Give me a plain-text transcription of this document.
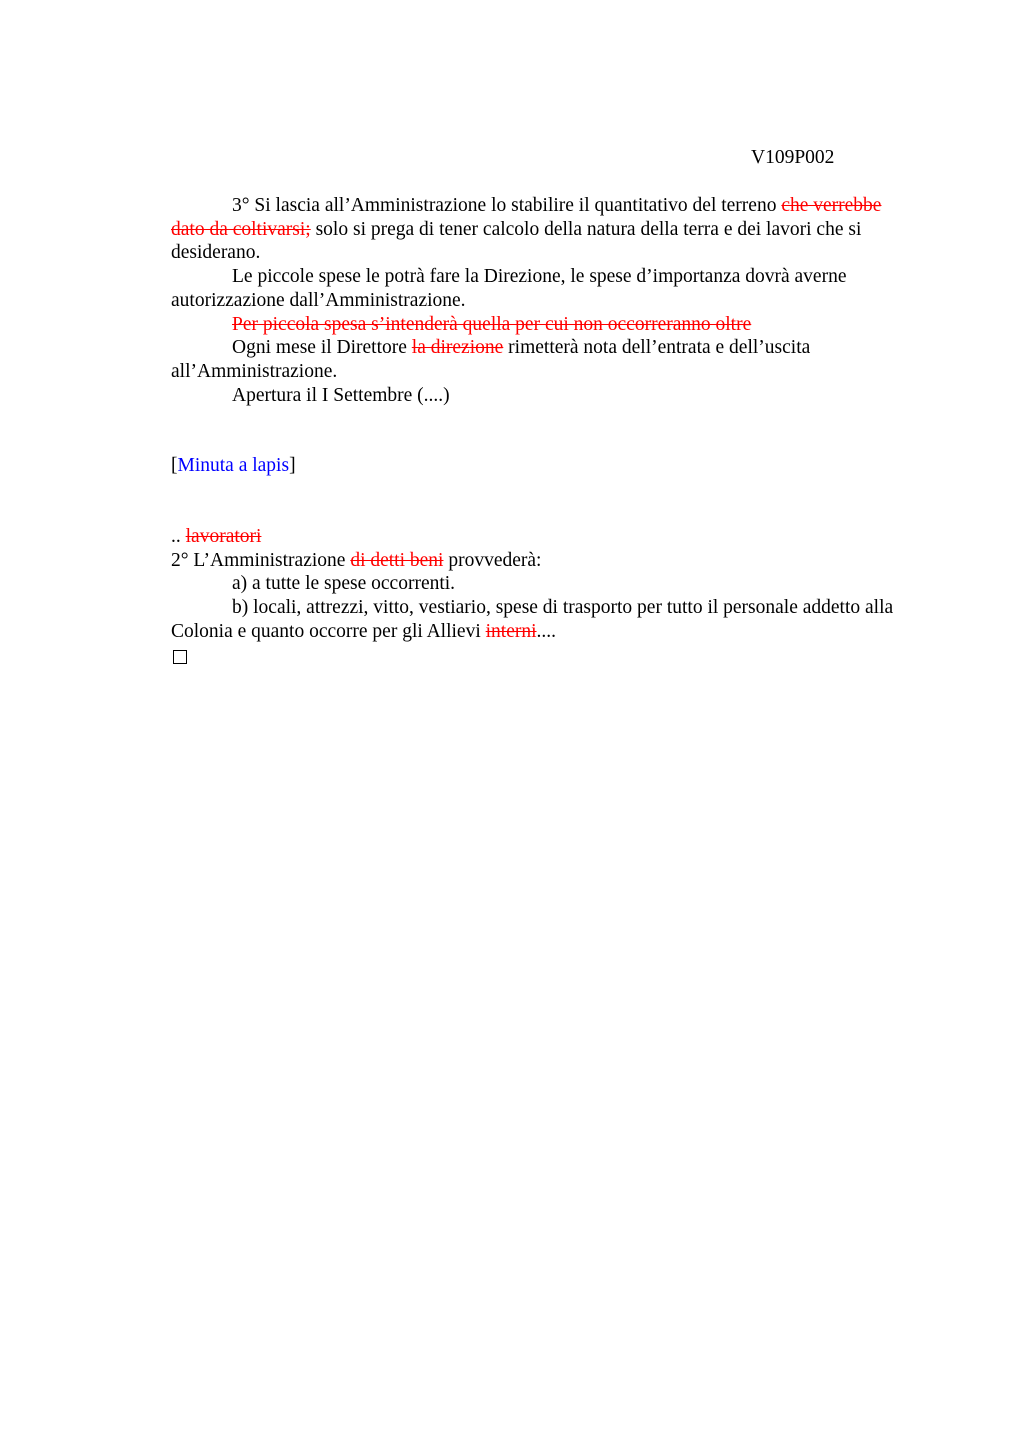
V109P002

3° Si lascia all’Amministrazione lo stabilire il quantitativo del terreno che verrebbe dato da coltivarsi; solo si prega di tener calcolo della natura della terra e dei lavori che si desiderano.

Le piccole spese le potrà fare la Direzione, le spese d’importanza dovrà averne autorizzazione dall’Amministrazione.

Per piccola spesa s’intenderà quella per cui non occorreranno oltre

Ogni mese il Direttore la direzione rimetterà nota dell’entrata e dell’uscita all’Amministrazione.

Apertura il I Settembre (....)

[Minuta a lapis]

.. lavoratori

2° L’Amministrazione di detti beni provvederà:

a) a tutte le spese occorrenti.

b) locali, attrezzi, vitto, vestiario, spese di trasporto per tutto il personale addetto alla Colonia e quanto occorre per gli Allievi interni....
